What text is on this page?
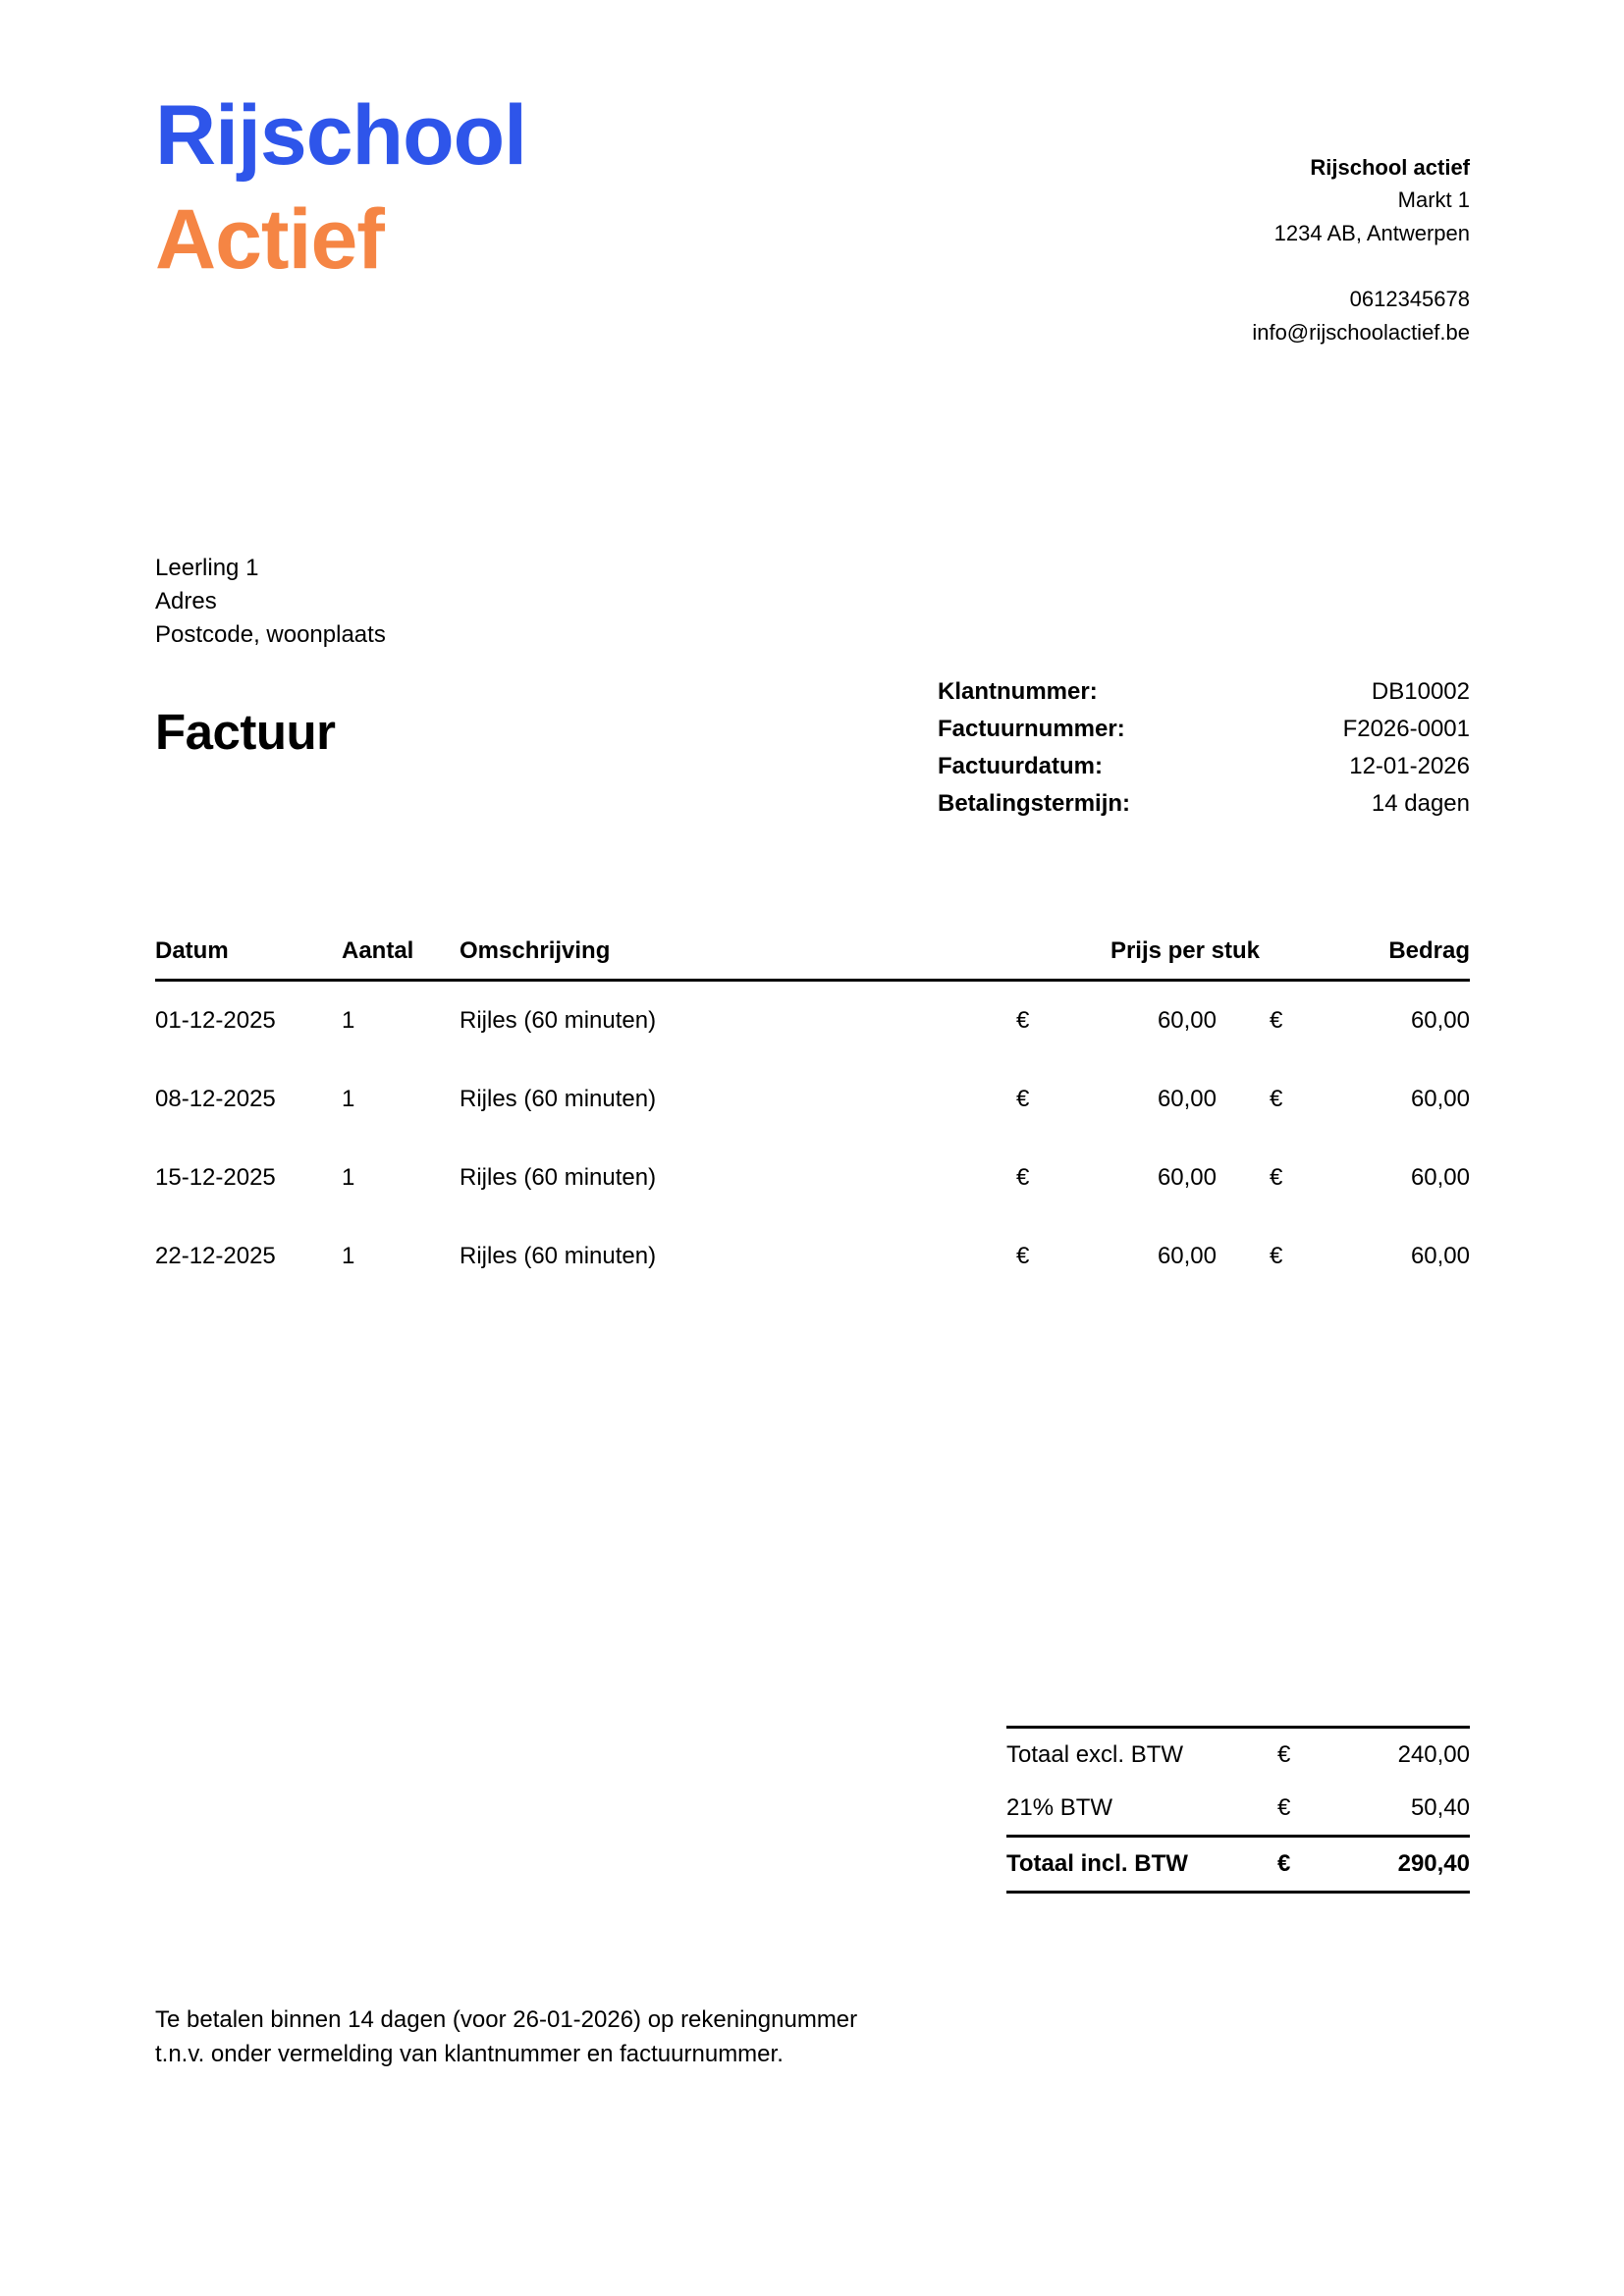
Rijschool
Actief
Rijschool actief
Markt 1
1234 AB, Antwerpen
0612345678
info@rijschoolactief.be
Leerling 1
Adres
Postcode, woonplaats
Factuur
Klantnummer:	DB10002
Factuurnummer:	F2026-0001
Factuurdatum:	12-01-2026
Betalingstermijn:	14 dagen
Datum	Aantal	Omschrijving	Prijs per stuk	Bedrag
01-12-2025	1	Rijles (60 minuten)	€	60,00	€	60,00
08-12-2025	1	Rijles (60 minuten)	€	60,00	€	60,00
15-12-2025	1	Rijles (60 minuten)	€	60,00	€	60,00
22-12-2025	1	Rijles (60 minuten)	€	60,00	€	60,00
Totaal excl. BTW	€	240,00
21% BTW	€	50,40
Totaal incl. BTW	€	290,40
Te betalen binnen 14 dagen (voor 26-01-2026) op rekeningnummer
t.n.v. onder vermelding van klantnummer en factuurnummer.
